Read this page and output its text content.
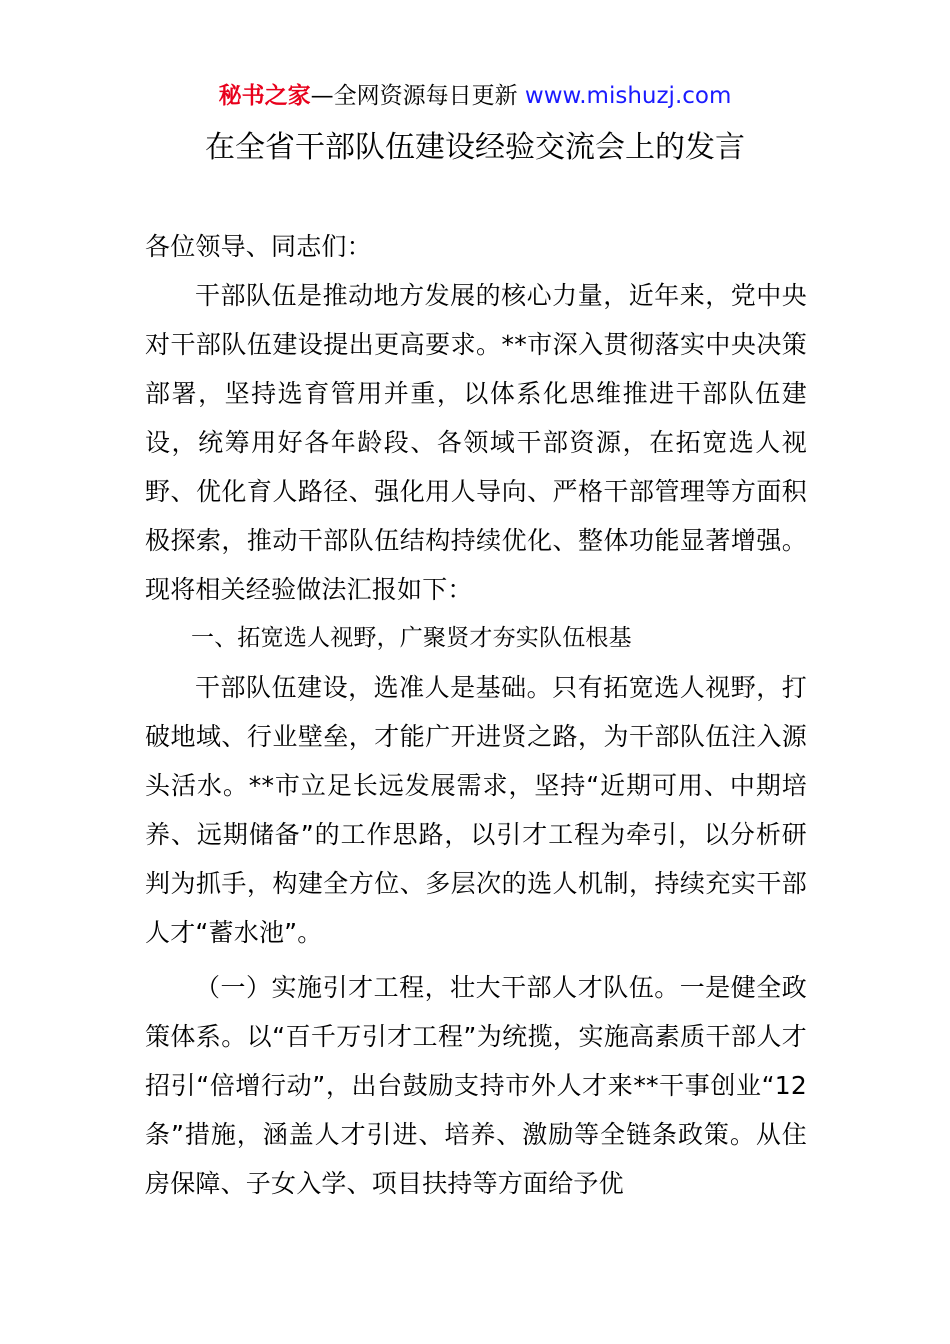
秘书之家—全网资源每日更新 www.mishuzj.com
在全省干部队伍建设经验交流会上的发言

各位领导、同志们：

干部队伍是推动地方发展的核心力量，近年来，党中央对干部队伍建设提出更高要求。**市深入贯彻落实中央决策部署，坚持选育管用并重，以体系化思维推进干部队伍建设，统筹用好各年龄段、各领域干部资源，在拓宽选人视野、优化育人路径、强化用人导向、严格干部管理等方面积极探索，推动干部队伍结构持续优化、整体功能显著增强。现将相关经验做法汇报如下：

一、拓宽选人视野，广聚贤才夯实队伍根基

干部队伍建设，选准人是基础。只有拓宽选人视野，打破地域、行业壁垒，才能广开进贤之路，为干部队伍注入源头活水。**市立足长远发展需求，坚持“近期可用、中期培养、远期储备”的工作思路，以引才工程为牵引，以分析研判为抓手，构建全方位、多层次的选人机制，持续充实干部人才“蓄水池”。

（一）实施引才工程，壮大干部人才队伍。一是健全政策体系。以“百千万引才工程”为统揽，实施高素质干部人才招引“倍增行动”，出台鼓励支持市外人才来**干事创业“12条”措施，涵盖人才引进、培养、激励等全链条政策。从住房保障、子女入学、项目扶持等方面给予优
